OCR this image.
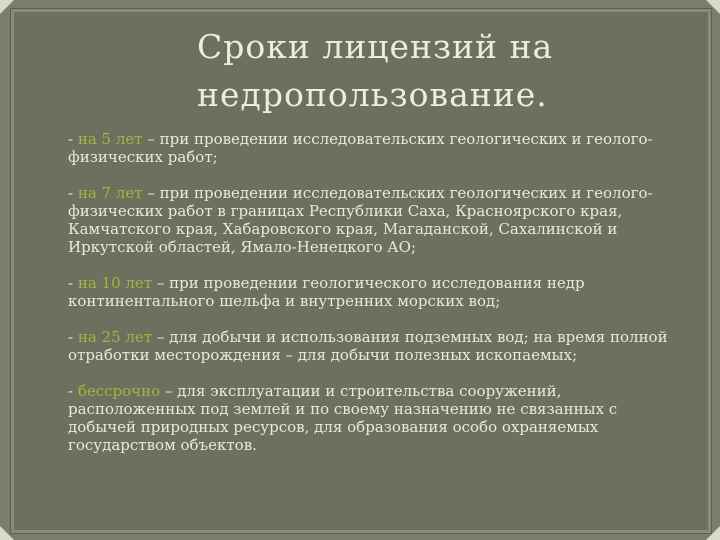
Сроки лицензий на
недропользование.

- на 5 лет – при проведении исследовательских геологических и геолого-физических работ;

- на 7 лет – при проведении исследовательских геологических и геолого-физических работ в границах Республики Саха, Красноярского края, Камчатского края, Хабаровского края, Магаданской, Сахалинской и Иркутской областей, Ямало-Ненецкого АО;

- на 10 лет – при проведении геологического исследования недр континентального шельфа и внутренних морских вод;

- на 25 лет – для добычи и использования подземных вод; на время полной отработки месторождения – для добычи полезных ископаемых;

- бессрочно – для эксплуатации и строительства сооружений, расположенных под землей и по своему назначению не связанных с добычей природных ресурсов, для образования особо охраняемых государством объектов.
